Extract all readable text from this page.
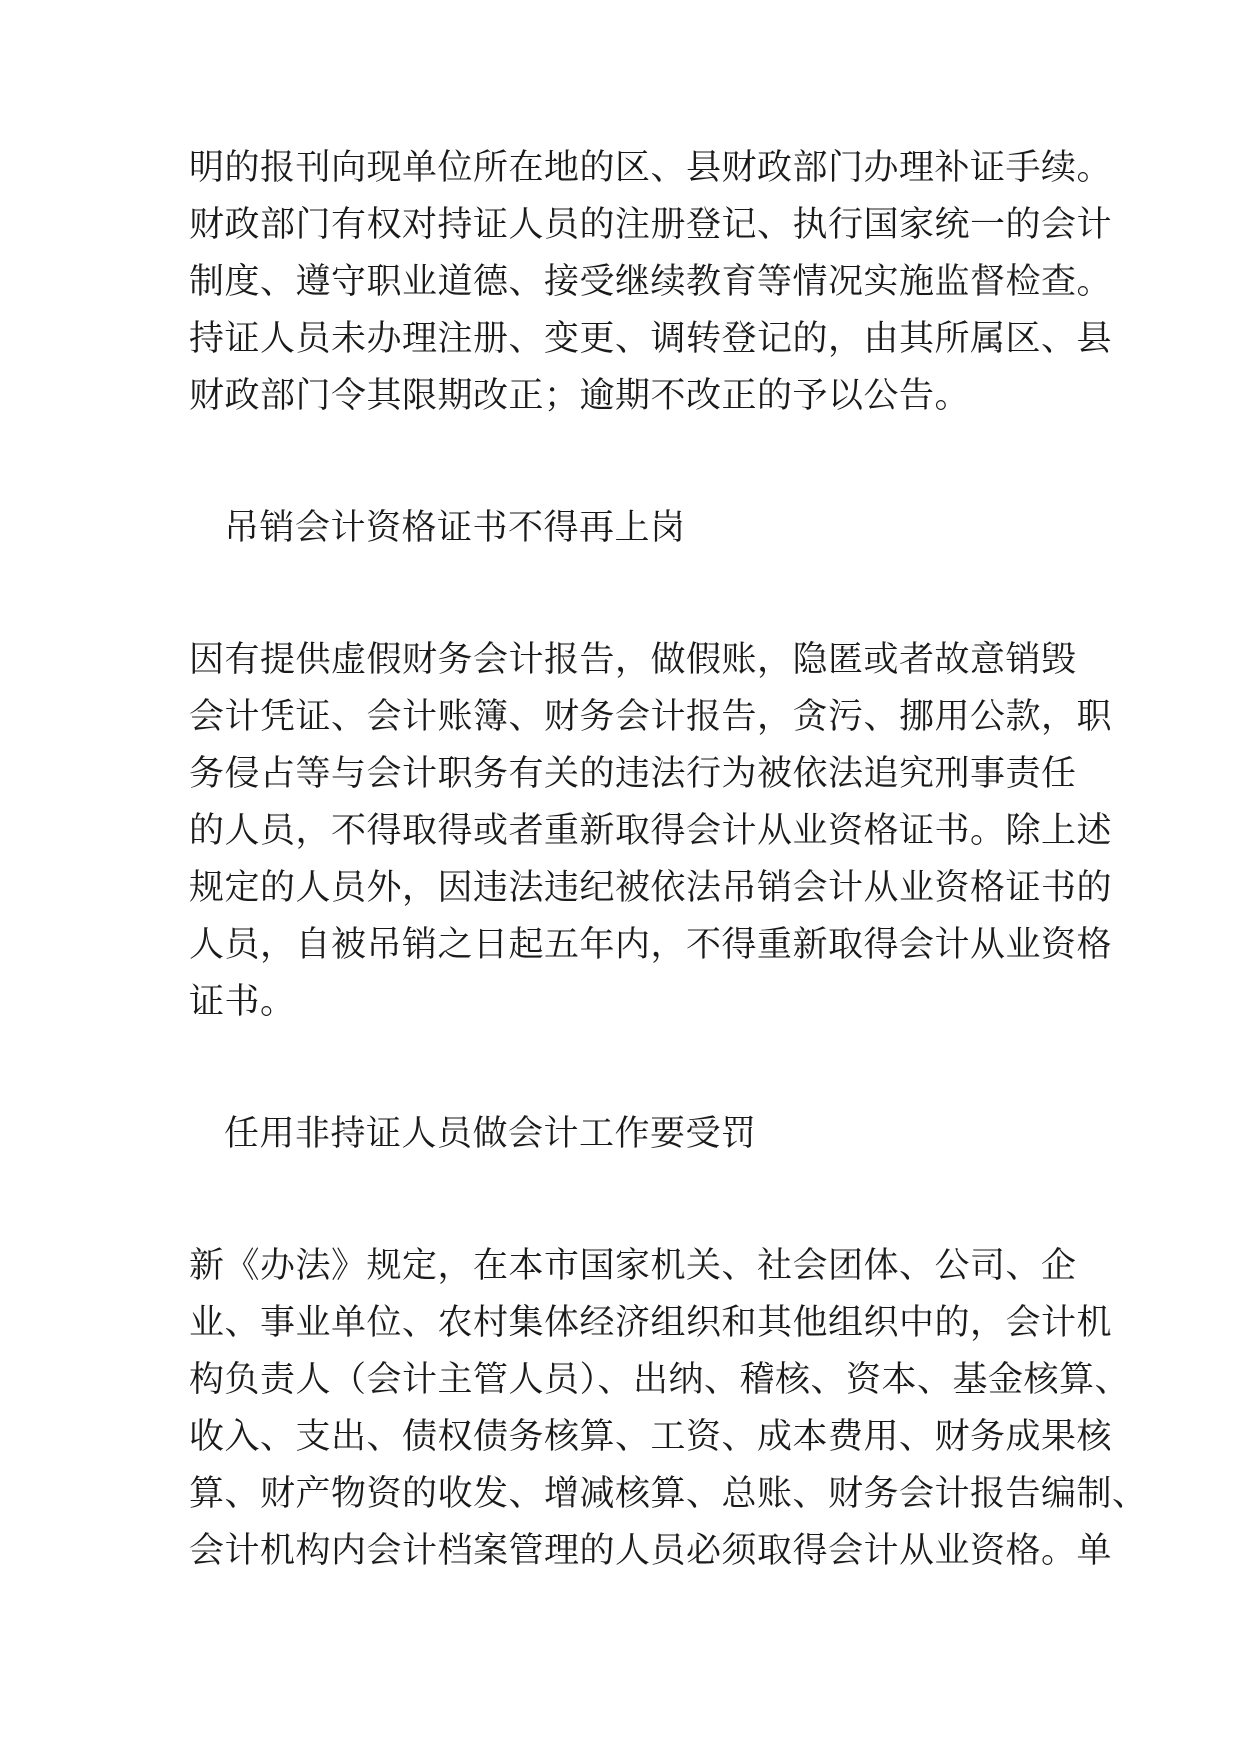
明的报刊向现单位所在地的区、县财政部门办理补证手续。
财政部门有权对持证人员的注册登记、执行国家统一的会计
制度、遵守职业道德、接受继续教育等情况实施监督检查。
持证人员未办理注册、变更、调转登记的，由其所属区、县
财政部门令其限期改正；逾期不改正的予以公告。
吊销会计资格证书不得再上岗
因有提供虚假财务会计报告，做假账，隐匿或者故意销毁
会计凭证、会计账簿、财务会计报告，贪污、挪用公款，职
务侵占等与会计职务有关的违法行为被依法追究刑事责任
的人员，不得取得或者重新取得会计从业资格证书。除上述
规定的人员外，因违法违纪被依法吊销会计从业资格证书的
人员，自被吊销之日起五年内，不得重新取得会计从业资格
证书。
任用非持证人员做会计工作要受罚
新《办法》规定，在本市国家机关、社会团体、公司、企
业、事业单位、农村集体经济组织和其他组织中的，会计机
构负责人（会计主管人员）、出纳、稽核、资本、基金核算、
收入、支出、债权债务核算、工资、成本费用、财务成果核
算、财产物资的收发、增减核算、总账、财务会计报告编制、
会计机构内会计档案管理的人员必须取得会计从业资格。单
